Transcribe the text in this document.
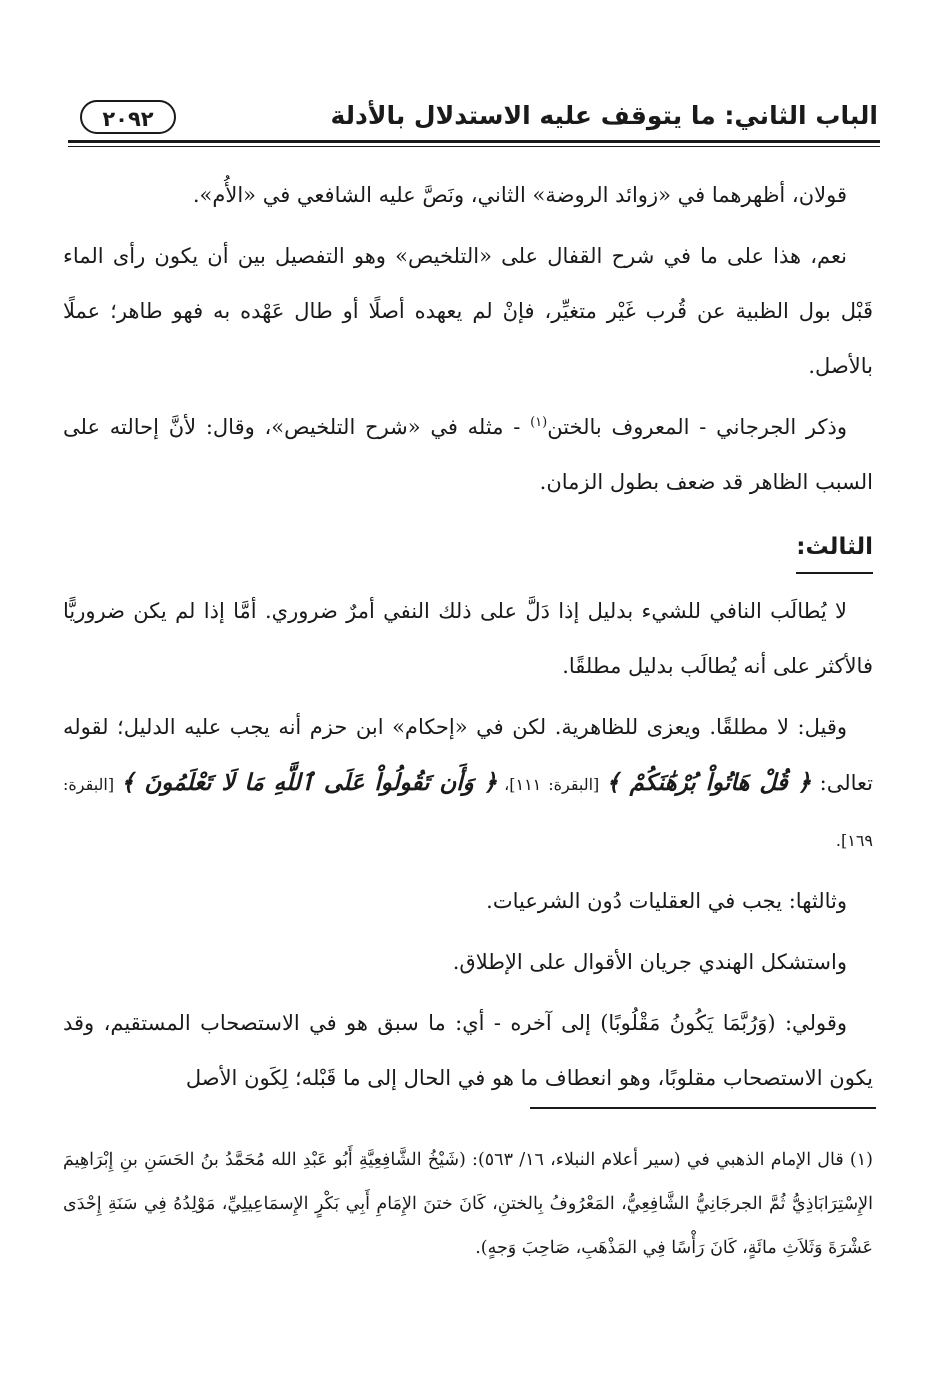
٢٠٩٢	الباب الثاني: ما يتوقف عليه الاستدلال بالأدلة

قولان، أظهرهما في «زوائد الروضة» الثاني، ونَصَّ عليه الشافعي في «الأُم».

نعم، هذا على ما في شرح القفال على «التلخيص» وهو التفصيل بين أن يكون رأى الماء قَبْل بول الظبية عن قُرب غَيْر متغيِّر، فإنْ لم يعهده أصلًا أو طال عَهْده به فهو طاهر؛ عملًا بالأصل.

وذكر الجرجاني - المعروف بالختن$^{(١)}$ - مثله في «شرح التلخيص»، وقال: لأنَّ إحالته على السبب الظاهر قد ضعف بطول الزمان.

الثالث:

لا يُطالَب النافي للشيء بدليل إذا دَلَّ على ذلك النفي أمرٌ ضروري. أمَّا إذا لم يكن ضروريًّا فالأكثر على أنه يُطالَب بدليل مطلقًا.

وقيل: لا مطلقًا. ويعزى للظاهرية. لكن في «إحكام» ابن حزم أنه يجب عليه الدليل؛ لقوله تعالى: ﴿ قُلْ هَاتُواْ بُرْهَٰنَكُمْ ﴾ [البقرة: ١١١]، ﴿ وَأَن تَقُولُواْ عَلَى ٱللَّهِ مَا لَا تَعْلَمُونَ ﴾ [البقرة: ١٦٩].

وثالثها: يجب في العقليات دُون الشرعيات.

واستشكل الهندي جريان الأقوال على الإطلاق.

وقولي: (وَرُبَّمَا يَكُونُ مَقْلُوبًا) إلى آخره - أي: ما سبق هو في الاستصحاب المستقيم، وقد يكون الاستصحاب مقلوبًا، وهو انعطاف ما هو في الحال إلى ما قَبْله؛ لِكَون الأصل

(١) قال الإمام الذهبي في (سير أعلام النبلاء، ١٦/ ٥٦٣): (شَيْخُ الشَّافِعِيَّةِ أَبُو عَبْدِ الله مُحَمَّدُ بنُ الحَسَنِ بنِ إِبْرَاهِيمَ الإِسْتِرَابَاذِيُّ ثُمَّ الجرجَانِيُّ الشَّافِعِيُّ، المَعْرُوفُ بِالختنِ، كَانَ ختنَ الإِمَامِ أَبِي بَكْرٍ الإِسمَاعِيلِيِّ، مَوْلِدُهُ فِي سَنَةِ إِحْدَى عَشْرَةَ وَثَلاَثِ مائَةٍ، كَانَ رَأْسًا فِي المَذْهَبِ، صَاحِبَ وَجهٍ).
